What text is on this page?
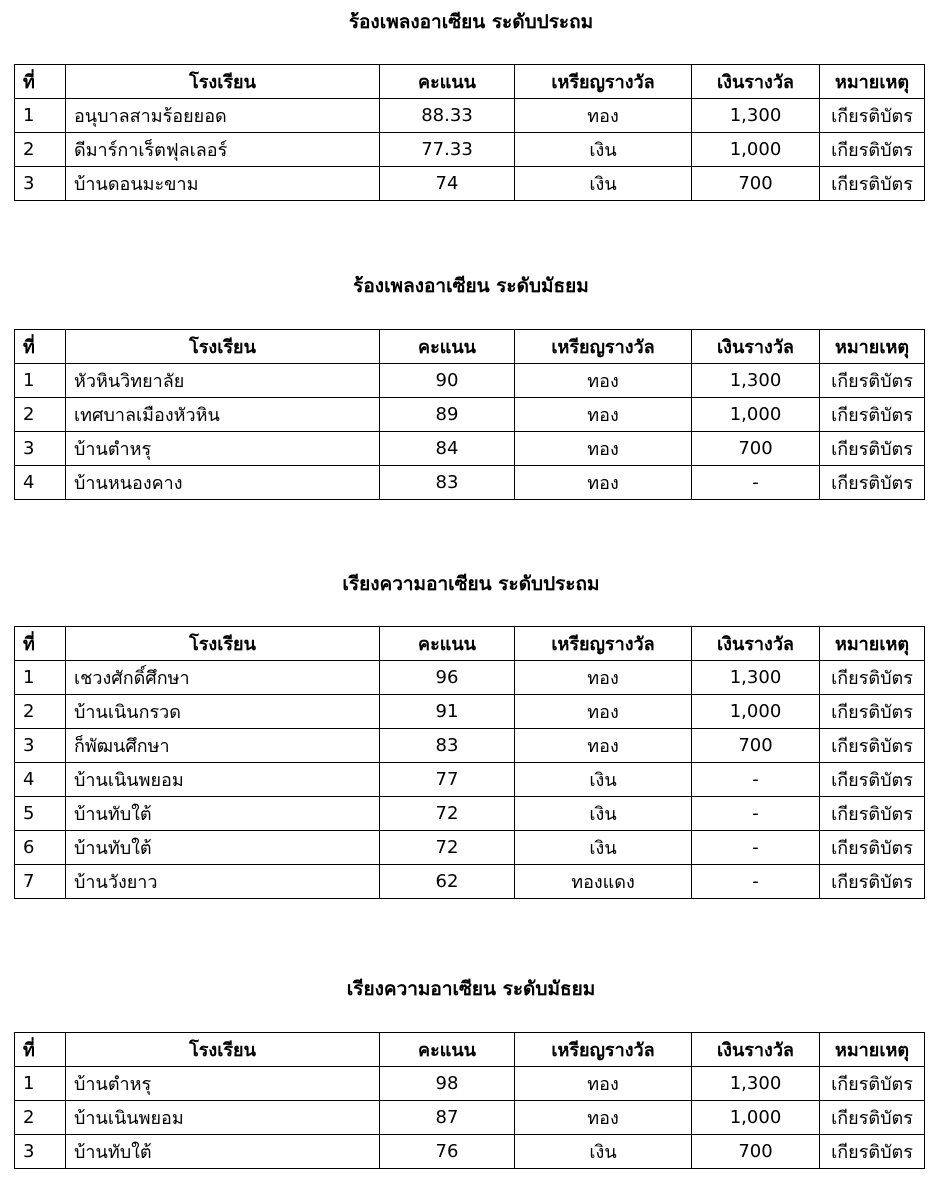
ร้องเพลงอาเซียน ระดับประถม
ที่	โรงเรียน	คะแนน	เหรียญรางวัล	เงินรางวัล	หมายเหตุ
1	อนุบาลสามร้อยยอด	88.33	ทอง	1,300	เกียรติบัตร
2	ดีมาร์กาเร็ตฟุลเลอร์	77.33	เงิน	1,000	เกียรติบัตร
3	บ้านดอนมะขาม	74	เงิน	700	เกียรติบัตร
ร้องเพลงอาเซียน ระดับมัธยม
ที่	โรงเรียน	คะแนน	เหรียญรางวัล	เงินรางวัล	หมายเหตุ
1	หัวหินวิทยาลัย	90	ทอง	1,300	เกียรติบัตร
2	เทศบาลเมืองหัวหิน	89	ทอง	1,000	เกียรติบัตร
3	บ้านตำหรุ	84	ทอง	700	เกียรติบัตร
4	บ้านหนองคาง	83	ทอง	-	เกียรติบัตร
เรียงความอาเซียน ระดับประถม
ที่	โรงเรียน	คะแนน	เหรียญรางวัล	เงินรางวัล	หมายเหตุ
1	เชวงศักดิ์ศึกษา	96	ทอง	1,300	เกียรติบัตร
2	บ้านเนินกรวด	91	ทอง	1,000	เกียรติบัตร
3	ก็พัฒนศึกษา	83	ทอง	700	เกียรติบัตร
4	บ้านเนินพยอม	77	เงิน	-	เกียรติบัตร
5	บ้านทับใต้	72	เงิน	-	เกียรติบัตร
6	บ้านทับใต้	72	เงิน	-	เกียรติบัตร
7	บ้านวังยาว	62	ทองแดง	-	เกียรติบัตร
เรียงความอาเซียน ระดับมัธยม
ที่	โรงเรียน	คะแนน	เหรียญรางวัล	เงินรางวัล	หมายเหตุ
1	บ้านตำหรุ	98	ทอง	1,300	เกียรติบัตร
2	บ้านเนินพยอม	87	ทอง	1,000	เกียรติบัตร
3	บ้านทับใต้	76	เงิน	700	เกียรติบัตร
